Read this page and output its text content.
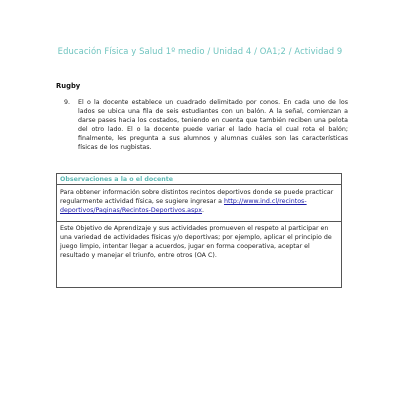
Educación Física y Salud 1º medio / Unidad 4 / OA1;2 / Actividad 9
Rugby
9.	El o la docente establece un cuadrado delimitado por conos. En cada uno de los lados se ubica una fila de seis estudiantes con un balón. A la señal, comienzan a darse pases hacia los costados, teniendo en cuenta que también reciben una pelota del otro lado. El o la docente puede variar el lado hacia el cual rota el balón; finalmente, les pregunta a sus alumnos y alumnas cuáles son las características físicas de los rugbistas.
Observaciones a la o el docente

Para obtener información sobre distintos recintos deportivos donde se puede practicar regularmente actividad física, se sugiere ingresar a http://www.ind.cl/recintos-deportivos/Paginas/Recintos-Deportivos.aspx.

Este Objetivo de Aprendizaje y sus actividades promueven el respeto al participar en una variedad de actividades físicas y/o deportivas; por ejemplo, aplicar el principio de juego limpio, intentar llegar a acuerdos, jugar en forma cooperativa, aceptar el resultado y manejar el triunfo, entre otros (OA C).
